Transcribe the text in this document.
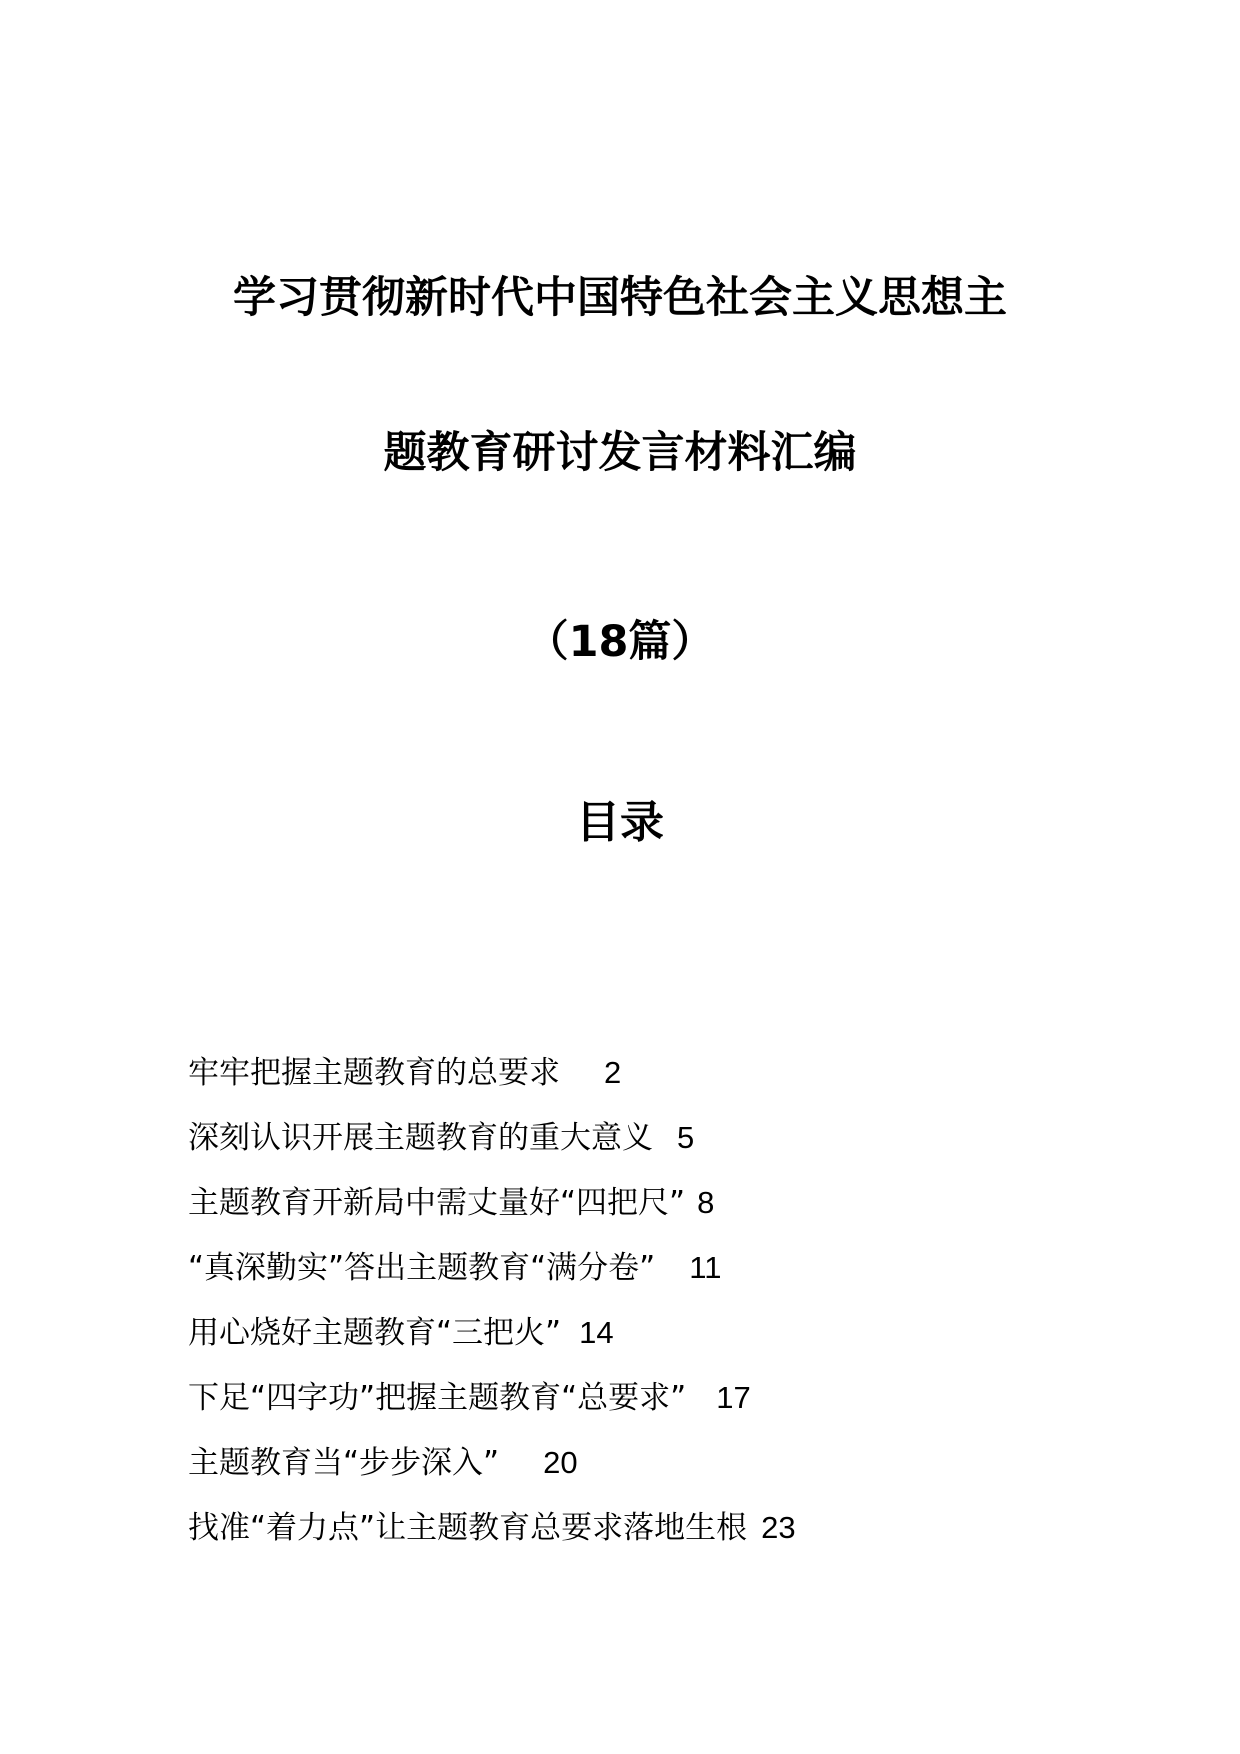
学习贯彻新时代中国特色社会主义思想主
题教育研讨发言材料汇编
（18篇）
目录
牢牢把握主题教育的总要求 2
深刻认识开展主题教育的重大意义 5
主题教育开新局中需丈量好“四把尺” 8
“真深勤实”答出主题教育“满分卷” 11
用心烧好主题教育“三把火” 14
下足“四字功”把握主题教育“总要求” 17
主题教育当“步步深入” 20
找准“着力点”让主题教育总要求落地生根 23
